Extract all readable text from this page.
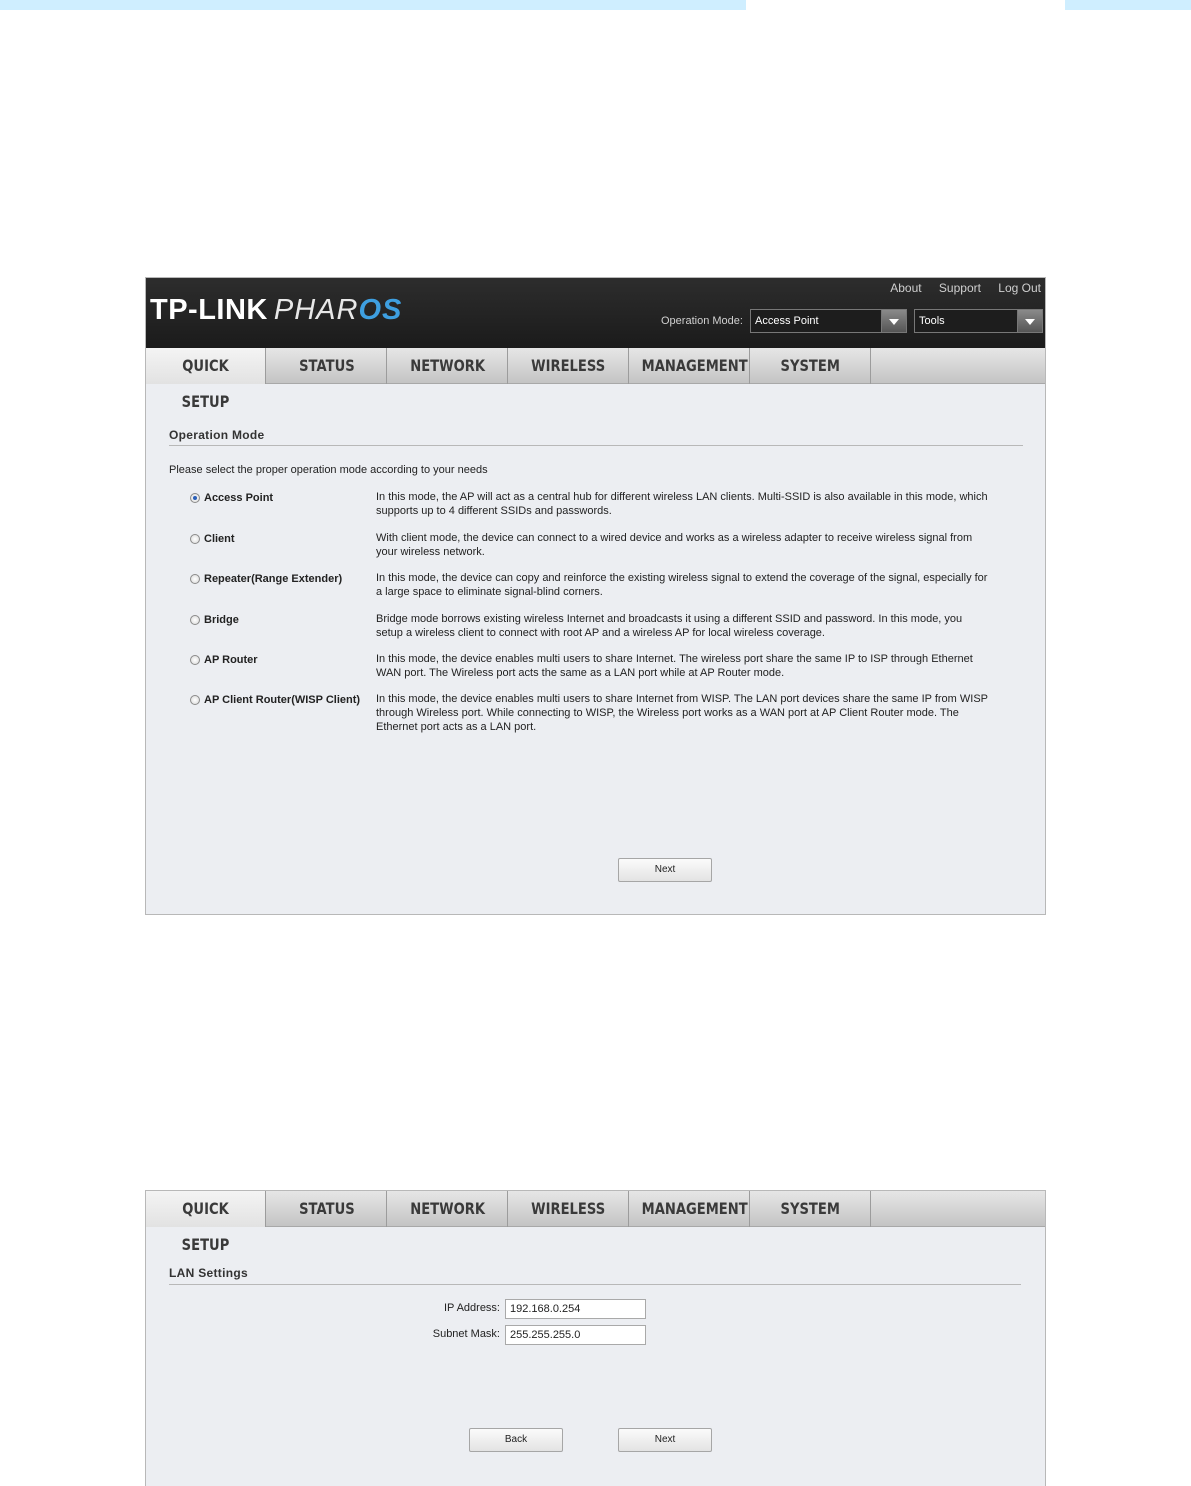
TP-LINK PHAROS
About Support Log Out
Operation Mode: Access Point	Tools
QUICK SETUP
STATUS	NETWORK	WIRELESS	MANAGEMENT	SYSTEM
Operation Mode
Please select the proper operation mode according to your needs
Access Point	In this mode, the AP will act as a central hub for different wireless LAN clients. Multi-SSID is also available in this mode, which supports up to 4 different SSIDs and passwords.
Client	With client mode, the device can connect to a wired device and works as a wireless adapter to receive wireless signal from your wireless network.
Repeater(Range Extender)	In this mode, the device can copy and reinforce the existing wireless signal to extend the coverage of the signal, especially for a large space to eliminate signal-blind corners.
Bridge	Bridge mode borrows existing wireless Internet and broadcasts it using a different SSID and password. In this mode, you setup a wireless client to connect with root AP and a wireless AP for local wireless coverage.
AP Router	In this mode, the device enables multi users to share Internet. The wireless port share the same IP to ISP through Ethernet WAN port. The Wireless port acts the same as a LAN port while at AP Router mode.
AP Client Router(WISP Client) In this mode, the device enables multi users to share Internet from WISP. The LAN port devices share the same IP from WISP through Wireless port. While connecting to WISP, the Wireless port works as a WAN port at AP Client Router mode. The Ethernet port acts as a LAN port.
Next
QUICK SETUP
STATUS	NETWORK	WIRELESS	MANAGEMENT	SYSTEM
LAN Settings
IP Address:
192.168.0.254
Subnet Mask:
255.255.255.0
Back	Next
